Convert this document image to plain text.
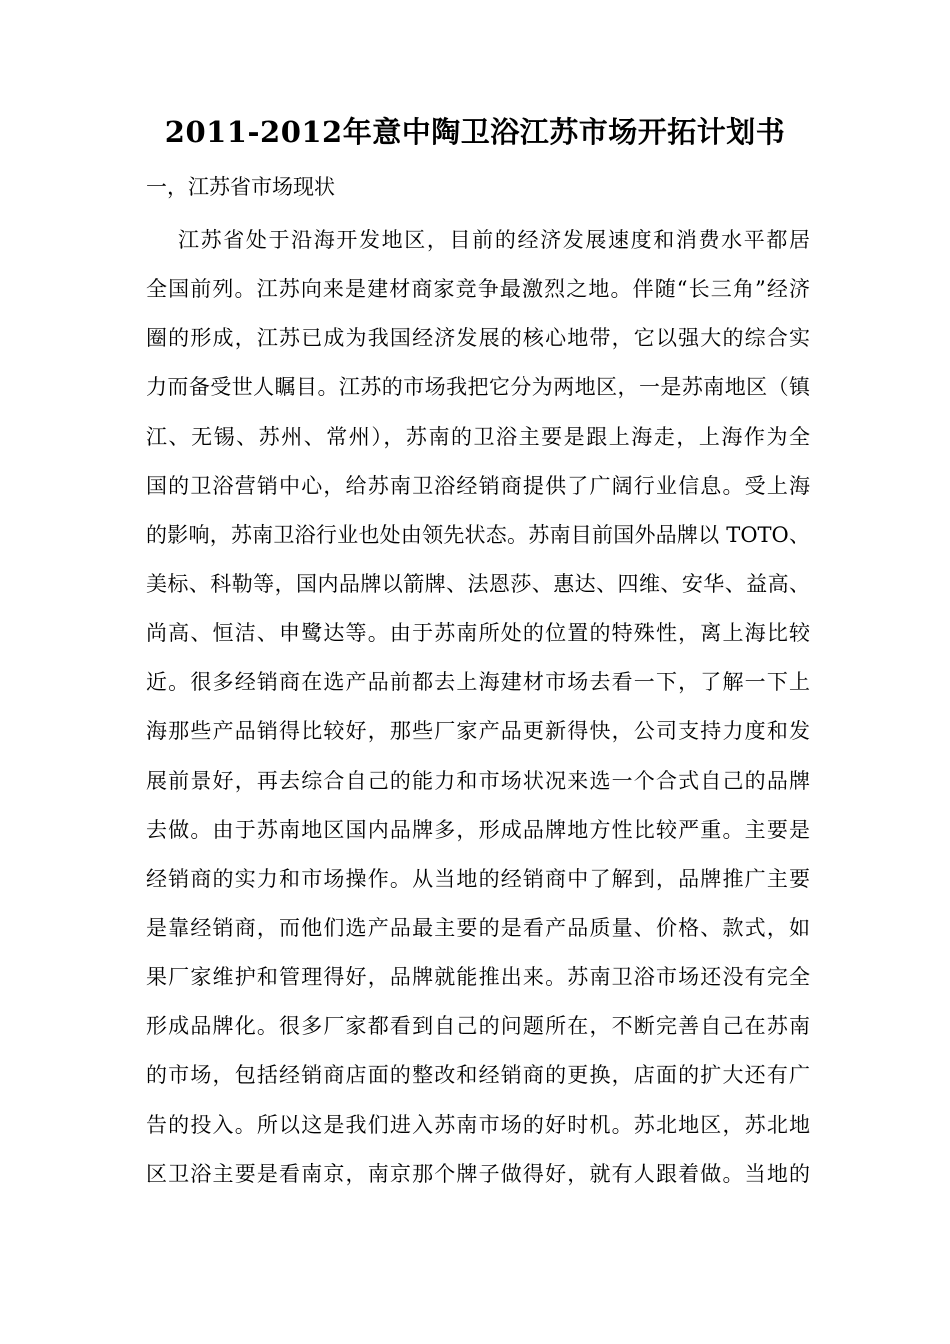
2011-2012年意中陶卫浴江苏市场开拓计划书
一，江苏省市场现状
江苏省处于沿海开发地区，目前的经济发展速度和消费水平都居
全国前列。江苏向来是建材商家竞争最激烈之地。伴随“长三角”经济
圈的形成，江苏已成为我国经济发展的核心地带，它以强大的综合实
力而备受世人瞩目。江苏的市场我把它分为两地区，一是苏南地区（镇
江、无锡、苏州、常州），苏南的卫浴主要是跟上海走，上海作为全
国的卫浴营销中心，给苏南卫浴经销商提供了广阔行业信息。受上海
的影响，苏南卫浴行业也处由领先状态。苏南目前国外品牌以 TOTO、
美标、科勒等，国内品牌以箭牌、法恩莎、惠达、四维、安华、益高、
尚高、恒洁、申鹭达等。由于苏南所处的位置的特殊性，离上海比较
近。很多经销商在选产品前都去上海建材市场去看一下，了解一下上
海那些产品销得比较好，那些厂家产品更新得快，公司支持力度和发
展前景好，再去综合自己的能力和市场状况来选一个合式自己的品牌
去做。由于苏南地区国内品牌多，形成品牌地方性比较严重。主要是
经销商的实力和市场操作。从当地的经销商中了解到，品牌推广主要
是靠经销商，而他们选产品最主要的是看产品质量、价格、款式，如
果厂家维护和管理得好，品牌就能推出来。苏南卫浴市场还没有完全
形成品牌化。很多厂家都看到自己的问题所在，不断完善自己在苏南
的市场，包括经销商店面的整改和经销商的更换，店面的扩大还有广
告的投入。所以这是我们进入苏南市场的好时机。苏北地区，苏北地
区卫浴主要是看南京，南京那个牌子做得好，就有人跟着做。当地的
